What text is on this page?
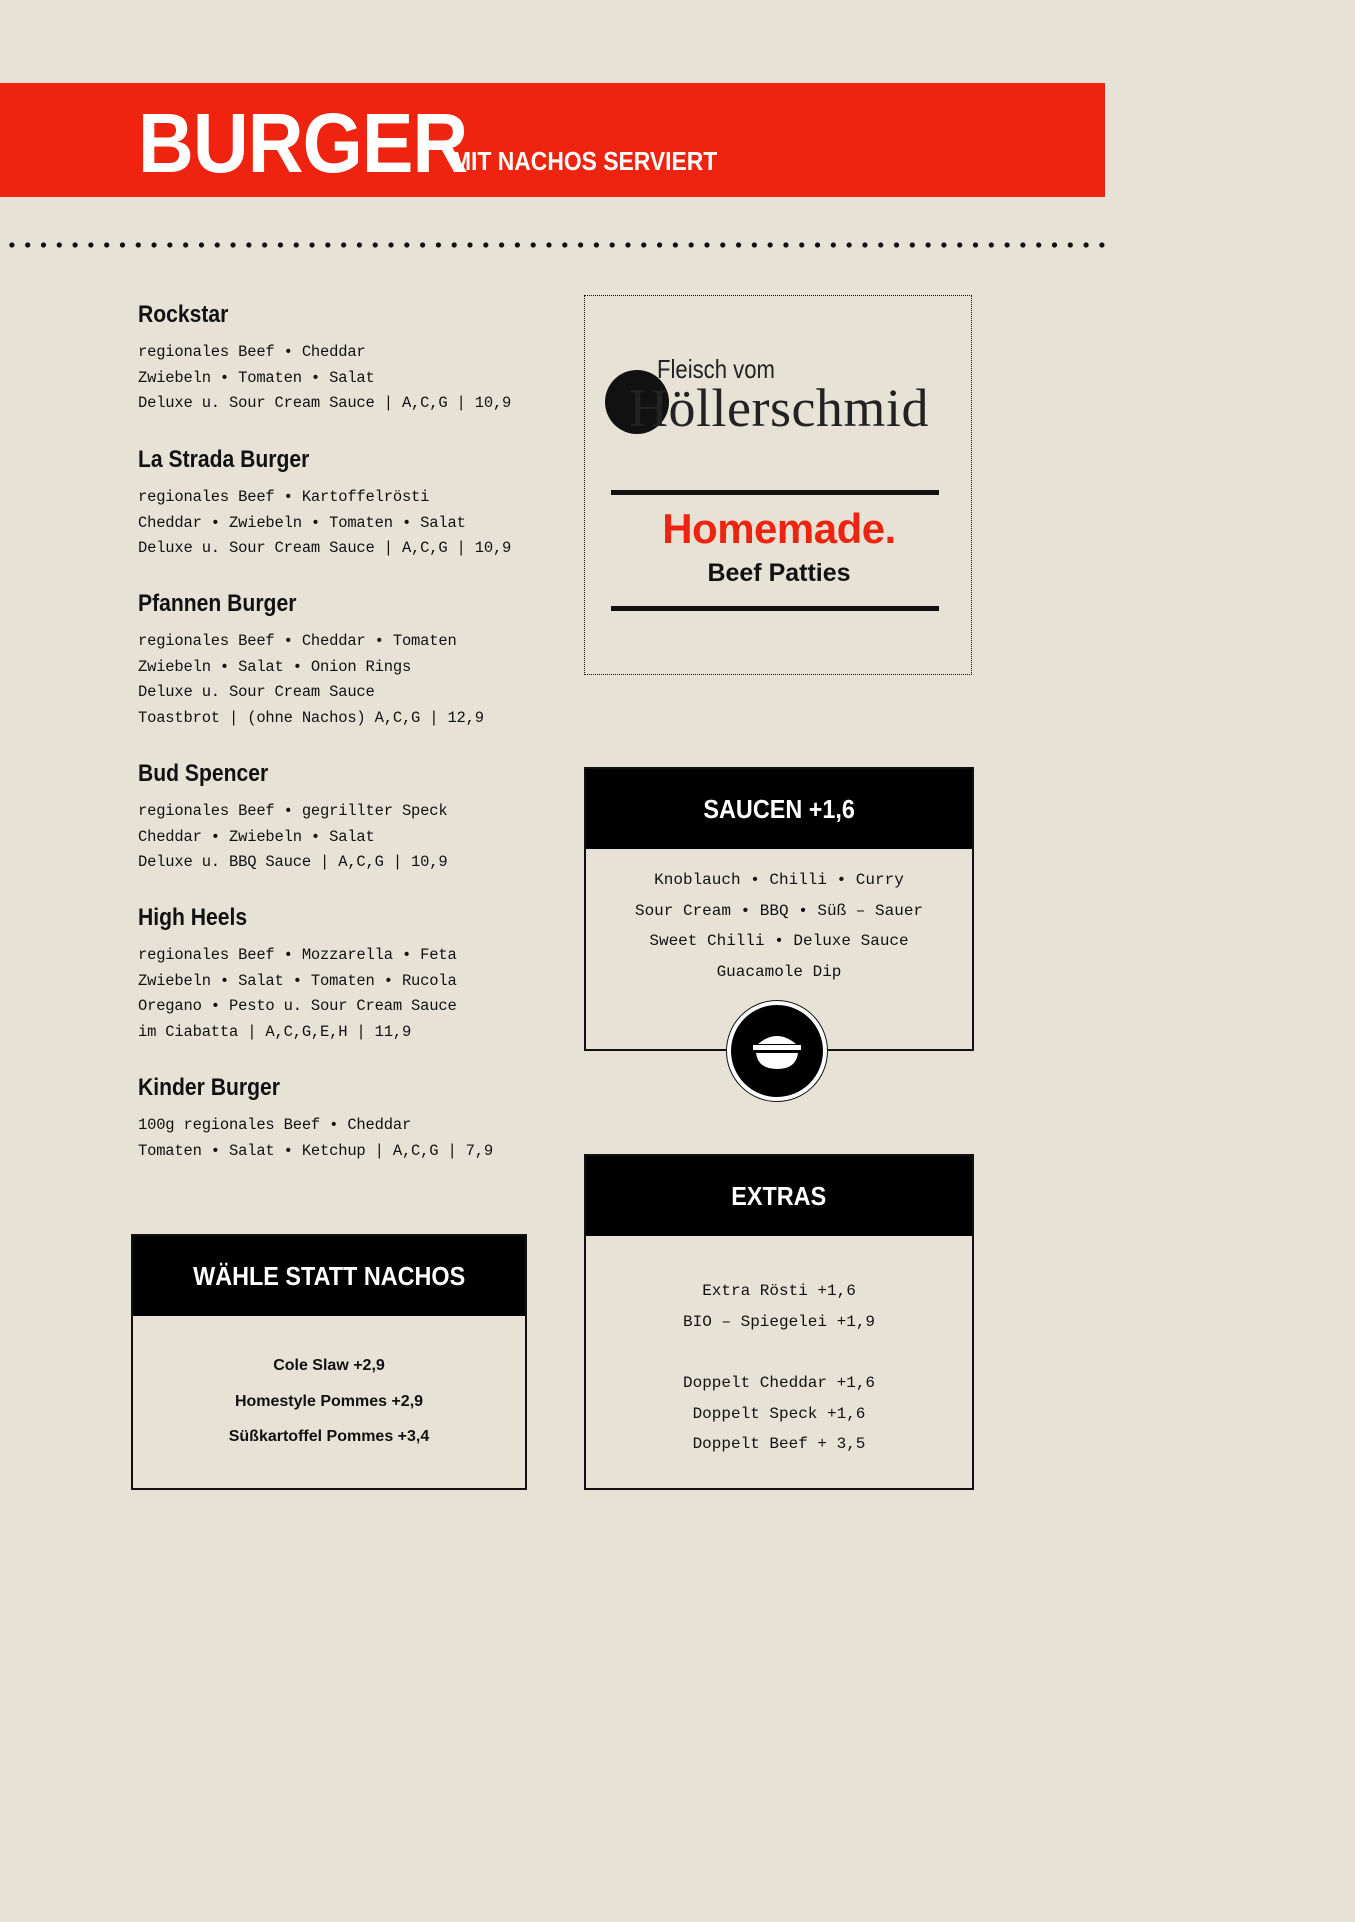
BURGER
MIT NACHOS SERVIERT
Rockstar
regionales Beef • Cheddar
Zwiebeln • Tomaten • Salat
Deluxe u. Sour Cream Sauce | A,C,G | 10,9
La Strada Burger
regionales Beef • Kartoffelrösti
Cheddar • Zwiebeln • Tomaten • Salat
Deluxe u. Sour Cream Sauce | A,C,G | 10,9
Pfannen Burger
regionales Beef • Cheddar • Tomaten
Zwiebeln • Salat • Onion Rings
Deluxe u. Sour Cream Sauce
Toastbrot | (ohne Nachos) A,C,G | 12,9
Bud Spencer
regionales Beef • gegrillter Speck
Cheddar • Zwiebeln • Salat
Deluxe u. BBQ Sauce | A,C,G | 10,9
High Heels
regionales Beef • Mozzarella • Feta
Zwiebeln • Salat • Tomaten • Rucola
Oregano • Pesto u. Sour Cream Sauce
im Ciabatta | A,C,G,E,H | 11,9
Kinder Burger
100g regionales Beef • Cheddar
Tomaten • Salat • Ketchup | A,C,G | 7,9
Fleisch vom
Höllerschmid
Homemade.
Beef Patties
SAUCEN +1,6
Knoblauch • Chilli • Curry
Sour Cream • BBQ • Süß – Sauer
Sweet Chilli • Deluxe Sauce
Guacamole Dip
EXTRAS
Extra Rösti +1,6
BIO – Spiegelei +1,9
Doppelt Cheddar +1,6
Doppelt Speck +1,6
Doppelt Beef + 3,5
WÄHLE STATT NACHOS
Cole Slaw +2,9
Homestyle Pommes +2,9
Süßkartoffel Pommes +3,4
